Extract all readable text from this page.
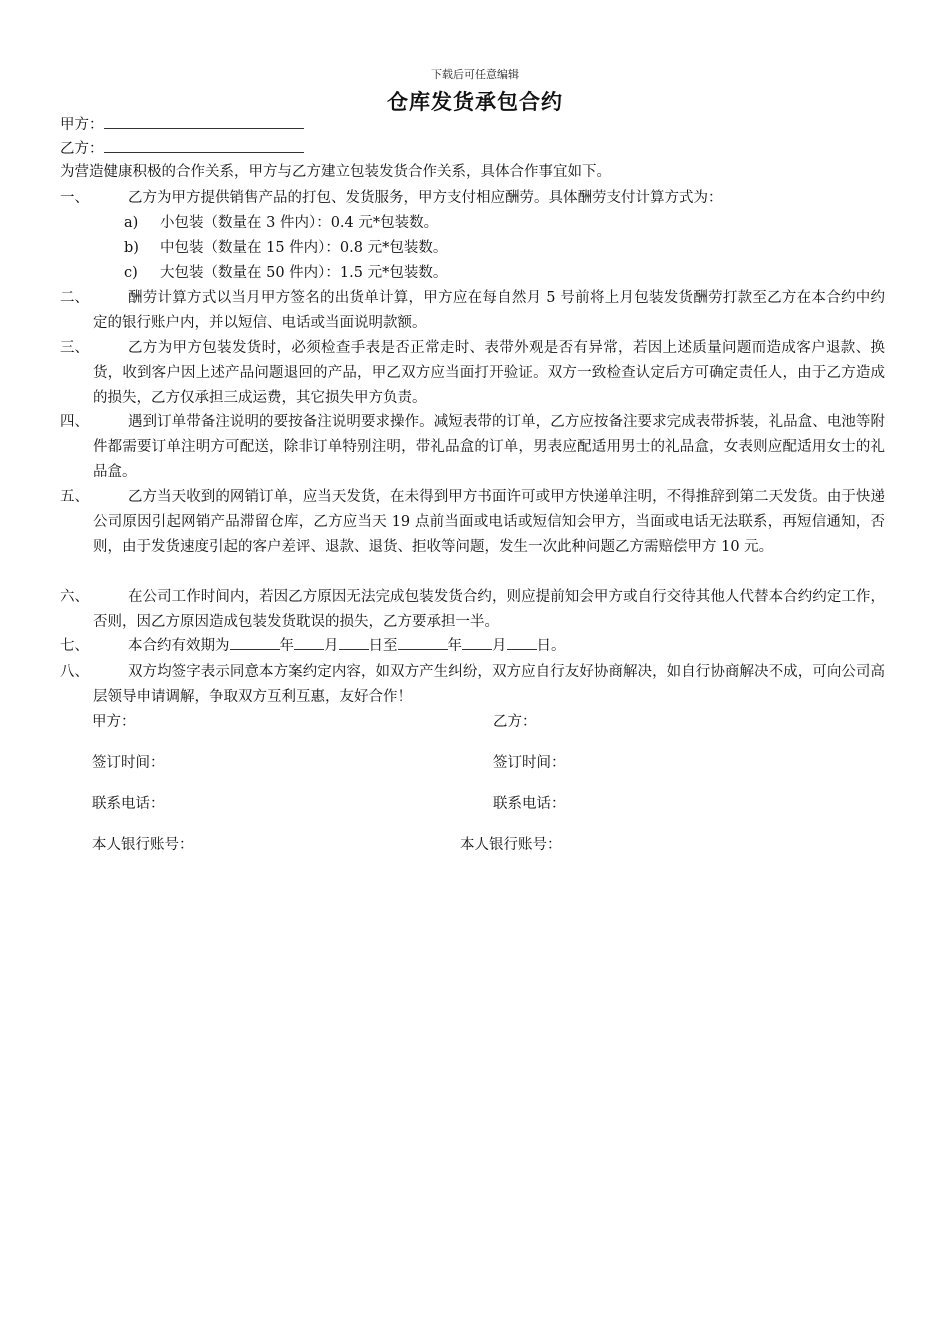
下载后可任意编辑
仓库发货承包合约
甲方：
乙方：
为营造健康积极的合作关系，甲方与乙方建立包装发货合作关系，具体合作事宜如下。
一、	乙方为甲方提供销售产品的打包、发货服务，甲方支付相应酬劳。具体酬劳支付计算方式为：
a) 小包装（数量在 3 件内）：0.4 元*包装数。
b) 中包装（数量在 15 件内）：0.8 元*包装数。
c) 大包装（数量在 50 件内）：1.5 元*包装数。
二、	酬劳计算方式以当月甲方签名的出货单计算，甲方应在每自然月 5 号前将上月包装发货酬劳打款至乙方在本合约中约定的银行账户内，并以短信、电话或当面说明款额。
三、	乙方为甲方包装发货时，必须检查手表是否正常走时、表带外观是否有异常，若因上述质量问题而造成客户退款、换货，收到客户因上述产品问题退回的产品，甲乙双方应当面打开验证。双方一致检查认定后方可确定责任人，由于乙方造成的损失，乙方仅承担三成运费，其它损失甲方负责。
四、	遇到订单带备注说明的要按备注说明要求操作。减短表带的订单，乙方应按备注要求完成表带拆装，礼品盒、电池等附件都需要订单注明方可配送，除非订单特别注明，带礼品盒的订单，男表应配适用男士的礼品盒，女表则应配适用女士的礼品盒。
五、	乙方当天收到的网销订单，应当天发货，在未得到甲方书面许可或甲方快递单注明，不得推辞到第二天发货。由于快递公司原因引起网销产品滞留仓库，乙方应当天 19 点前当面或电话或短信知会甲方，当面或电话无法联系，再短信通知，否则，由于发货速度引起的客户差评、退款、退货、拒收等问题，发生一次此种问题乙方需赔偿甲方 10 元。
六、	在公司工作时间内，若因乙方原因无法完成包装发货合约，则应提前知会甲方或自行交待其他人代替本合约约定工作，否则，因乙方原因造成包装发货耽误的损失，乙方要承担一半。
七、	本合约有效期为	年 月 日至	年 月 日。
八、	双方均签字表示同意本方案约定内容，如双方产生纠纷，双方应自行友好协商解决，如自行协商解决不成，可向公司高层领导申请调解，争取双方互利互惠，友好合作！
甲方：	乙方：
签订时间：	签订时间：
联系电话：	联系电话：
本人银行账号：	本人银行账号：
